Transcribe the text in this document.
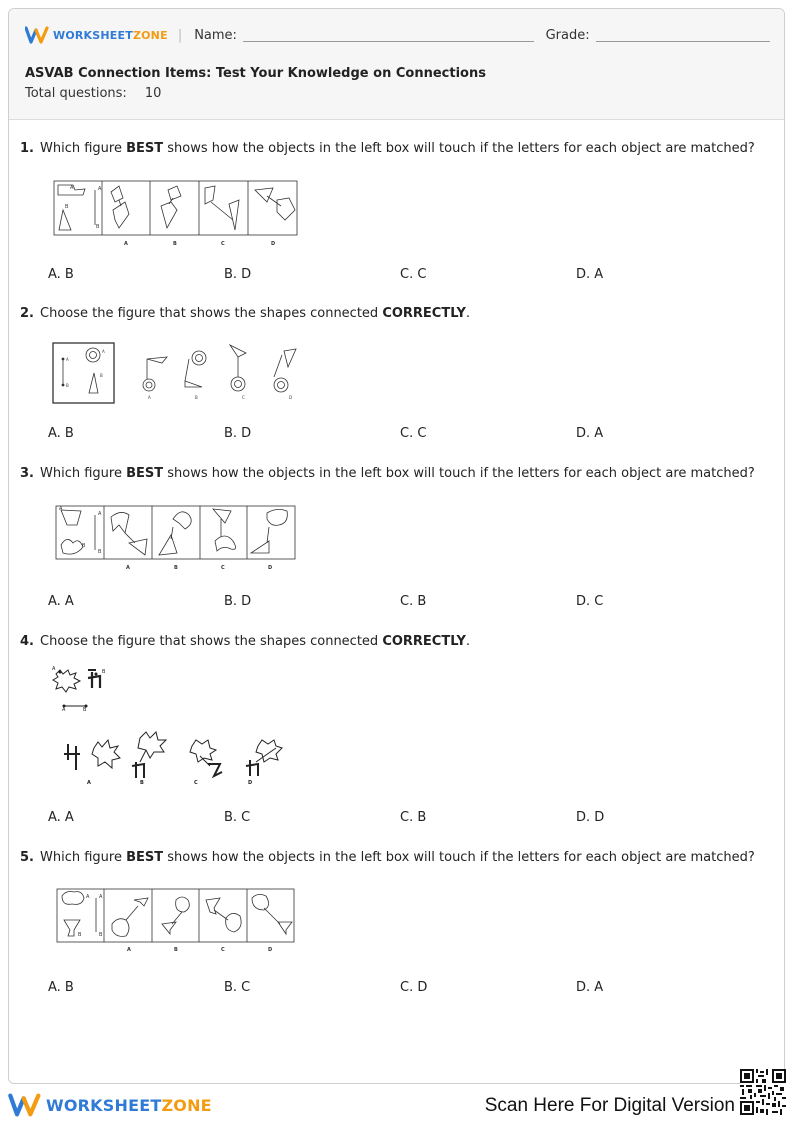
WORKSHEETZONE | Name:	Grade:
ASVAB Connection Items: Test Your Knowledge on Connections
Total questions: 10
1. Which figure BEST shows how the objects in the left box will touch if the letters for each object are matched?
A	A
B
B
A	B	C	D
A. B	B. D	C. C	D. A
2. Choose the figure that shows the shapes connected CORRECTLY.
A
B
A
B
A	B	C	D
A. B	B. D	C. C	D. A
3. Which figure BEST shows how the objects in the left box will touch if the letters for each object are matched?
A
B
B
A
A	B	C	D
A. A	B. D	C. B	D. C
4. Choose the figure that shows the shapes connected CORRECTLY.
A	B
A	B
A	B	C	D
A. A	B. C	C. B	D. D
5. Which figure BEST shows how the objects in the left box will touch if the letters for each object are matched?
A A
B
B
A	B	C	D
A. B	B. C	C. D	D. A
WORKSHEETZONE	Scan Here For Digital Version
